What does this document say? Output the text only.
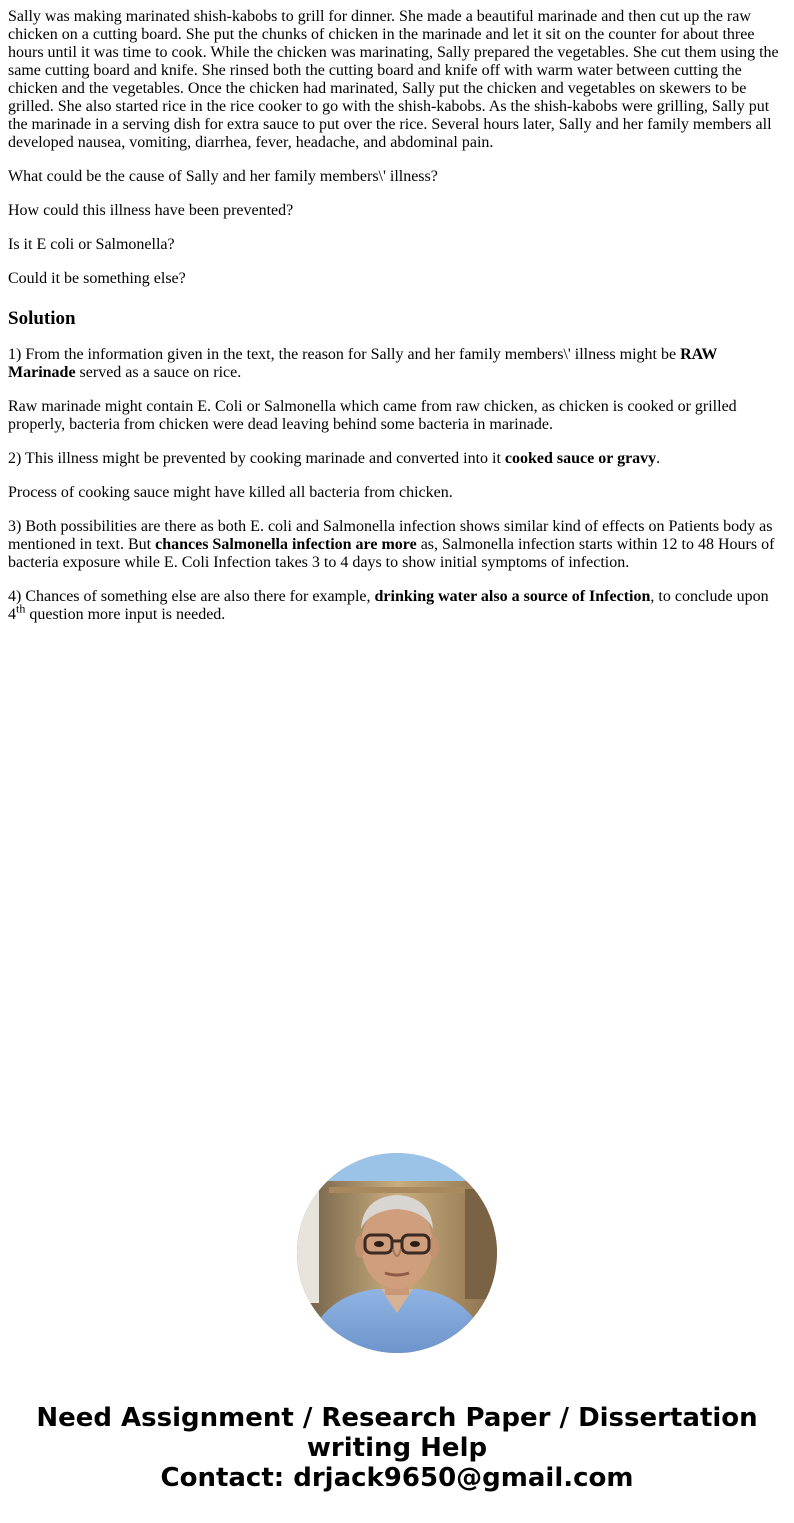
Sally was making marinated shish-kabobs to grill for dinner. She made a beautiful marinade and then cut up the raw chicken on a cutting board. She put the chunks of chicken in the marinade and let it sit on the counter for about three hours until it was time to cook. While the chicken was marinating, Sally prepared the vegetables. She cut them using the same cutting board and knife. She rinsed both the cutting board and knife off with warm water between cutting the chicken and the vegetables. Once the chicken had marinated, Sally put the chicken and vegetables on skewers to be grilled. She also started rice in the rice cooker to go with the shish-kabobs. As the shish-kabobs were grilling, Sally put the marinade in a serving dish for extra sauce to put over the rice. Several hours later, Sally and her family members all developed nausea, vomiting, diarrhea, fever, headache, and abdominal pain.

What could be the cause of Sally and her family members\' illness?

How could this illness have been prevented?

Is it E coli or Salmonella?

Could it be something else?

Solution

1) From the information given in the text, the reason for Sally and her family members\' illness might be RAW Marinade served as a sauce on rice.

Raw marinade might contain E. Coli or Salmonella which came from raw chicken, as chicken is cooked or grilled properly, bacteria from chicken were dead leaving behind some bacteria in marinade.

2) This illness might be prevented by cooking marinade and converted into it cooked sauce or gravy.

Process of cooking sauce might have killed all bacteria from chicken.

3) Both possibilities are there as both E. coli and Salmonella infection shows similar kind of effects on Patients body as mentioned in text. But chances Salmonella infection are more as, Salmonella infection starts within 12 to 48 Hours of bacteria exposure while E. Coli Infection takes 3 to 4 days to show initial symptoms of infection.

4) Chances of something else are also there for example, drinking water also a source of Infection, to conclude upon 4th question more input is needed.

Need Assignment / Research Paper / Dissertation
writing Help
Contact: drjack9650@gmail.com
